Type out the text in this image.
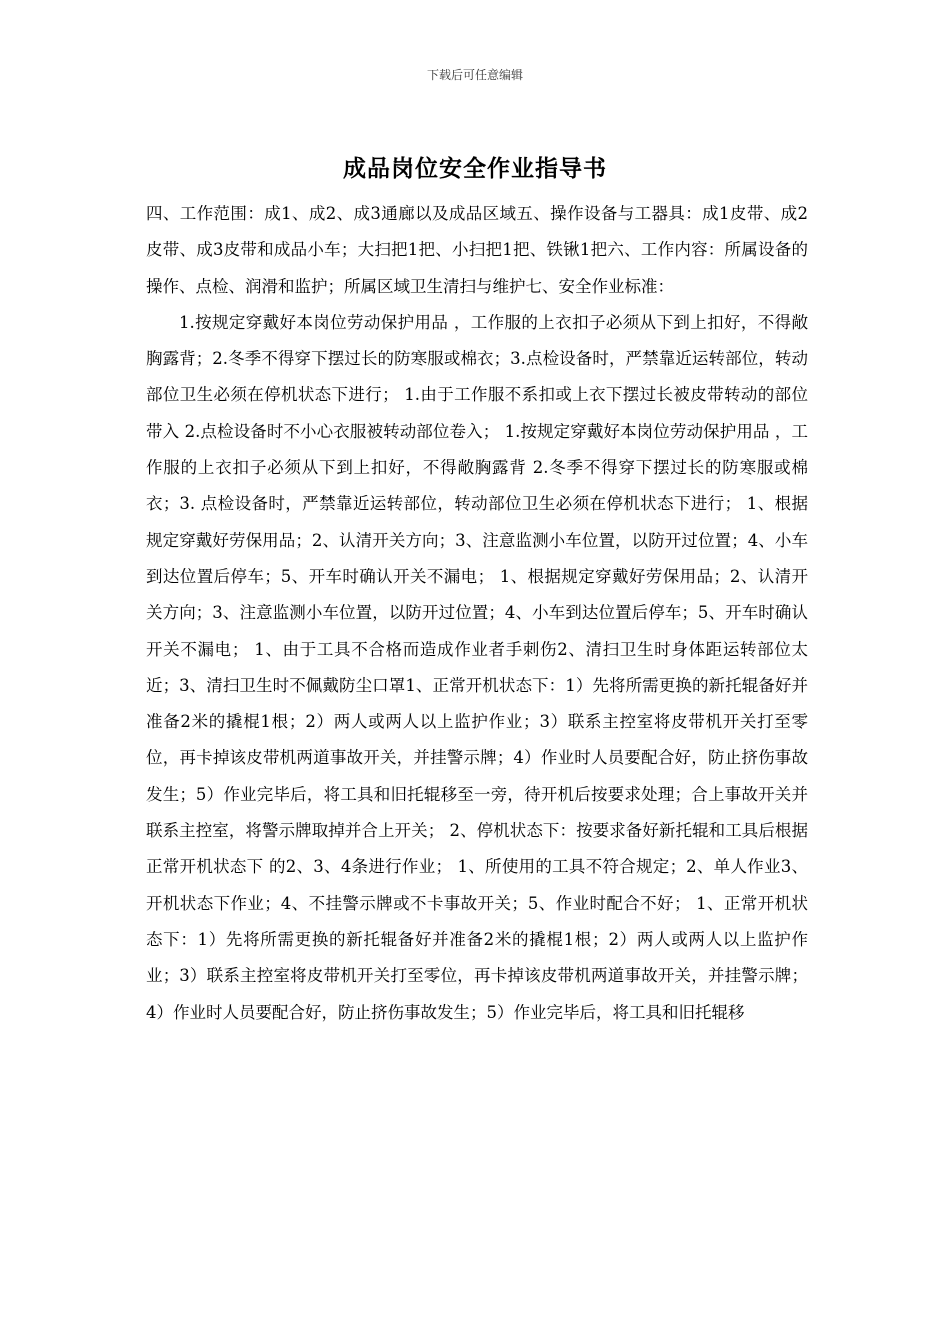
下载后可任意编辑
成品岗位安全作业指导书

四、工作范围：成1、成2、成3通廊以及成品区域五、操作设备与工器具：成1皮带、成2皮带、成3皮带和成品小车；大扫把1把、小扫把1把、铁锹1把六、工作内容：所属设备的操作、点检、润滑和监护；所属区域卫生清扫与维护七、安全作业标准：

1.按规定穿戴好本岗位劳动保护用品 ，工作服的上衣扣子必须从下到上扣好，不得敞胸露背；2.冬季不得穿下摆过长的防寒服或棉衣；3.点检设备时，严禁靠近运转部位，转动部位卫生必须在停机状态下进行； 1.由于工作服不系扣或上衣下摆过长被皮带转动的部位带入 2.点检设备时不小心衣服被转动部位卷入； 1.按规定穿戴好本岗位劳动保护用品 ，工作服的上衣扣子必须从下到上扣好，不得敞胸露背 2.冬季不得穿下摆过长的防寒服或棉衣；3. 点检设备时，严禁靠近运转部位，转动部位卫生必须在停机状态下进行； 1、根据规定穿戴好劳保用品；2、认清开关方向；3、注意监测小车位置，以防开过位置；4、小车到达位置后停车；5、开车时确认开关不漏电； 1、根据规定穿戴好劳保用品；2、认清开关方向；3、注意监测小车位置，以防开过位置；4、小车到达位置后停车；5、开车时确认开关不漏电； 1、由于工具不合格而造成作业者手刺伤2、清扫卫生时身体距运转部位太近；3、清扫卫生时不佩戴防尘口罩1、正常开机状态下：1）先将所需更换的新托辊备好并准备2米的撬棍1根；2）两人或两人以上监护作业；3）联系主控室将皮带机开关打至零位，再卡掉该皮带机两道事故开关，并挂警示牌；4）作业时人员要配合好，防止挤伤事故发生；5）作业完毕后，将工具和旧托辊移至一旁，待开机后按要求处理；合上事故开关并联系主控室，将警示牌取掉并合上开关； 2、停机状态下：按要求备好新托辊和工具后根据 正常开机状态下 的2、3、4条进行作业； 1、所使用的工具不符合规定；2、单人作业3、开机状态下作业；4、不挂警示牌或不卡事故开关；5、作业时配合不好； 1、正常开机状态下：1）先将所需更换的新托辊备好并准备2米的撬棍1根；2）两人或两人以上监护作业；3）联系主控室将皮带机开关打至零位，再卡掉该皮带机两道事故开关，并挂警示牌；4）作业时人员要配合好，防止挤伤事故发生；5）作业完毕后，将工具和旧托辊移
